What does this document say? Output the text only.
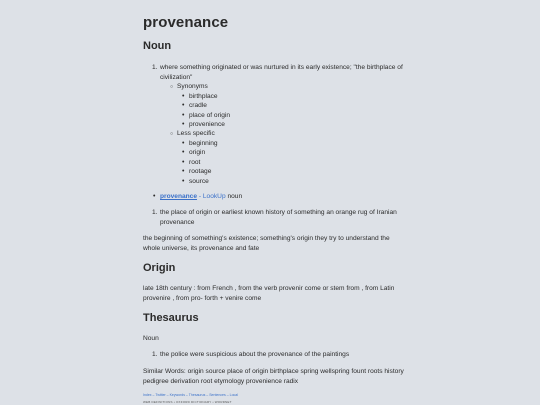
provenance
Noun
1. where something originated or was nurtured in its early existence; "the birthplace of civilization"
○ Synonyms
• birthplace
• cradle
• place of origin
• provenience
○ Less specific
• beginning
• origin
• root
• rootage
• source
• provenance - LookUp noun
1. the place of origin or earliest known history of something an orange rug of Iranian provenance
the beginning of something's existence; something's origin they try to understand the whole universe, its provenance and fate
Origin
late 18th century : from French , from the verb provenir come or stem from , from Latin provenire , from pro- forth + venire come
Thesaurus
Noun
1. the police were suspicious about the provenance of the paintings
Similar Words: origin source place of origin birthplace spring wellspring fount roots history pedigree derivation root etymology provenience radix
Index – Twitter – Keywords – Thesaurus – Sentences – Local
WEB DEFINITIONS • OXFORD DICTIONARY • WORDNET
